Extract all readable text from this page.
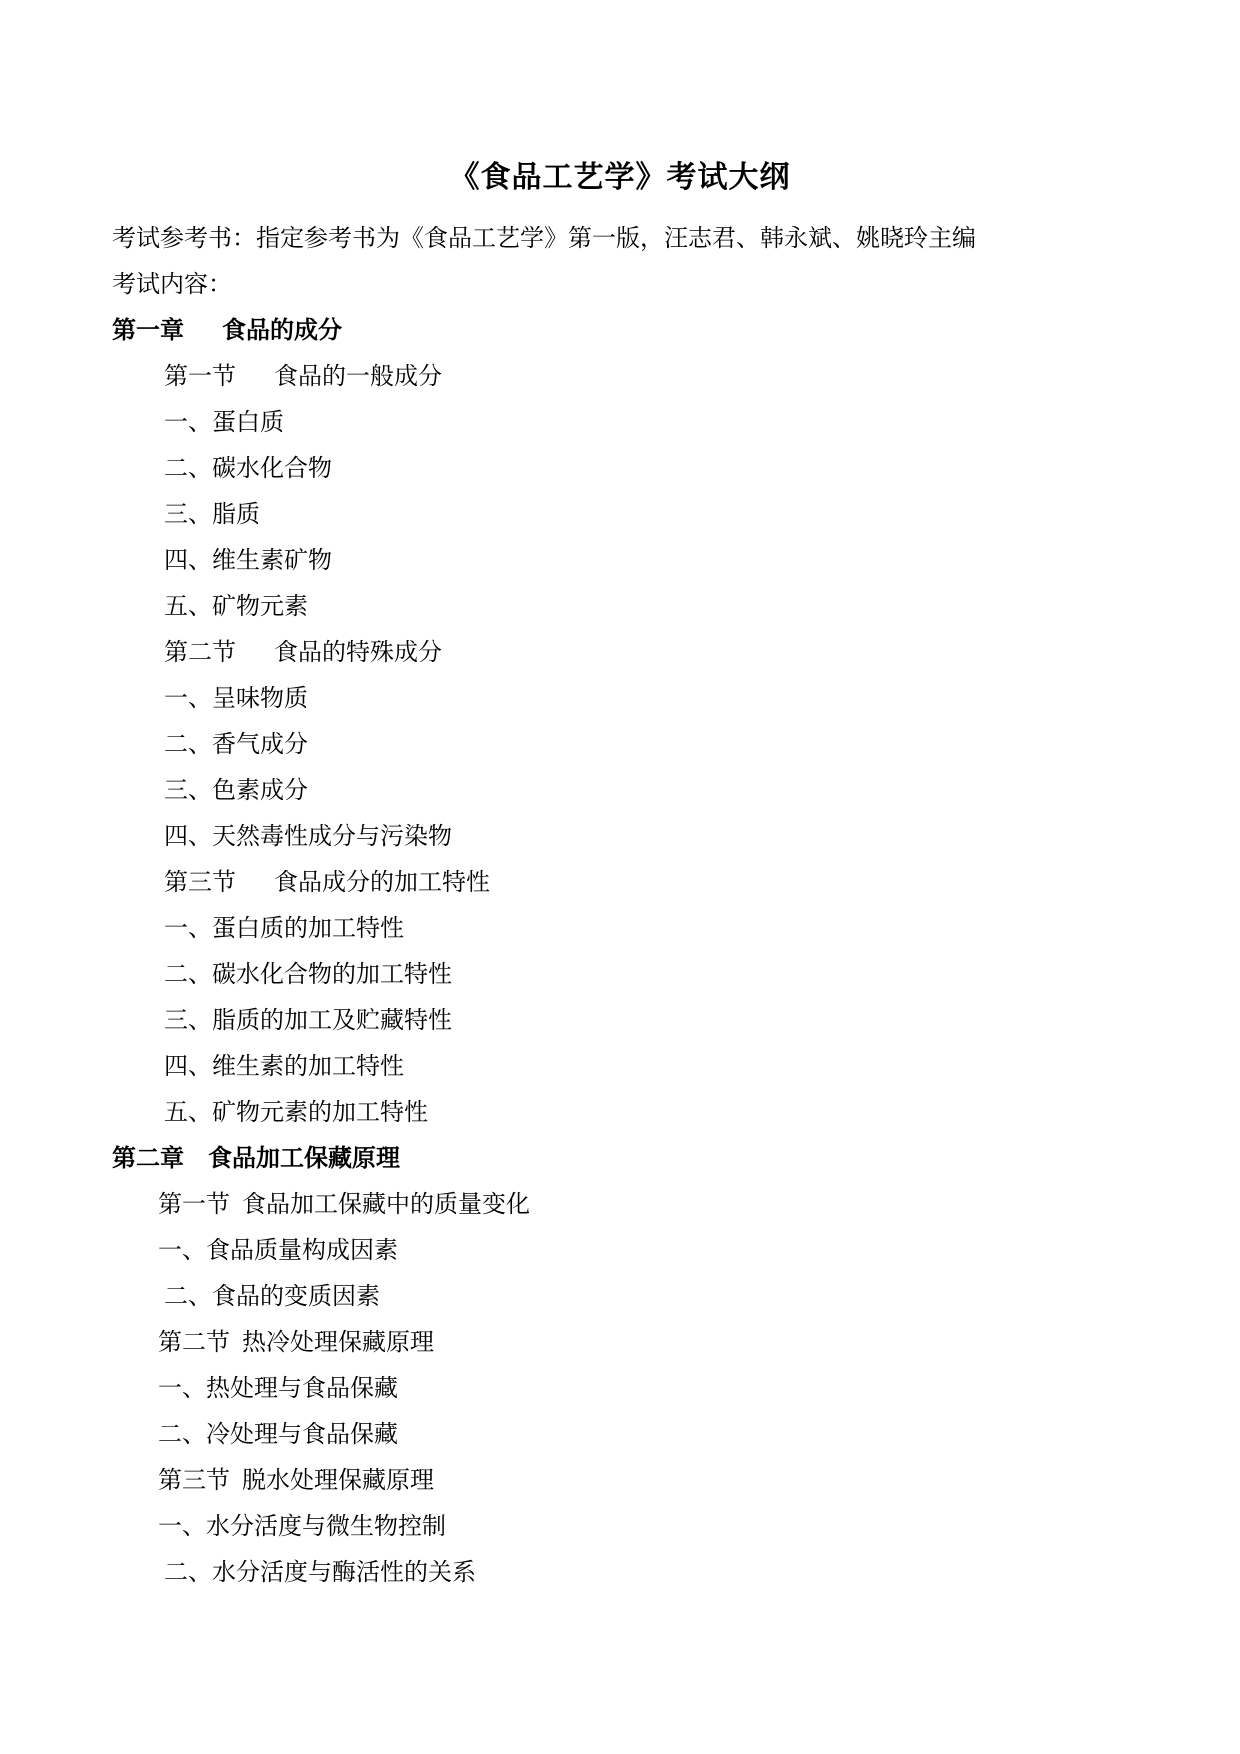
《食品工艺学》考试大纲
考试参考书：指定参考书为《食品工艺学》第一版，汪志君、韩永斌、姚晓玲主编
考试内容：
第一章 食品的成分
第一节 食品的一般成分
一、蛋白质
二、碳水化合物
三、脂质
四、维生素矿物
五、矿物元素
第二节 食品的特殊成分
一、呈味物质
二、香气成分
三、色素成分
四、天然毒性成分与污染物
第三节 食品成分的加工特性
一、蛋白质的加工特性
二、碳水化合物的加工特性
三、脂质的加工及贮藏特性
四、维生素的加工特性
五、矿物元素的加工特性
第二章 食品加工保藏原理
第一节 食品加工保藏中的质量变化
一、食品质量构成因素
二、食品的变质因素
第二节 热冷处理保藏原理
一、热处理与食品保藏
二、冷处理与食品保藏
第三节 脱水处理保藏原理
一、水分活度与微生物控制
二、水分活度与酶活性的关系
